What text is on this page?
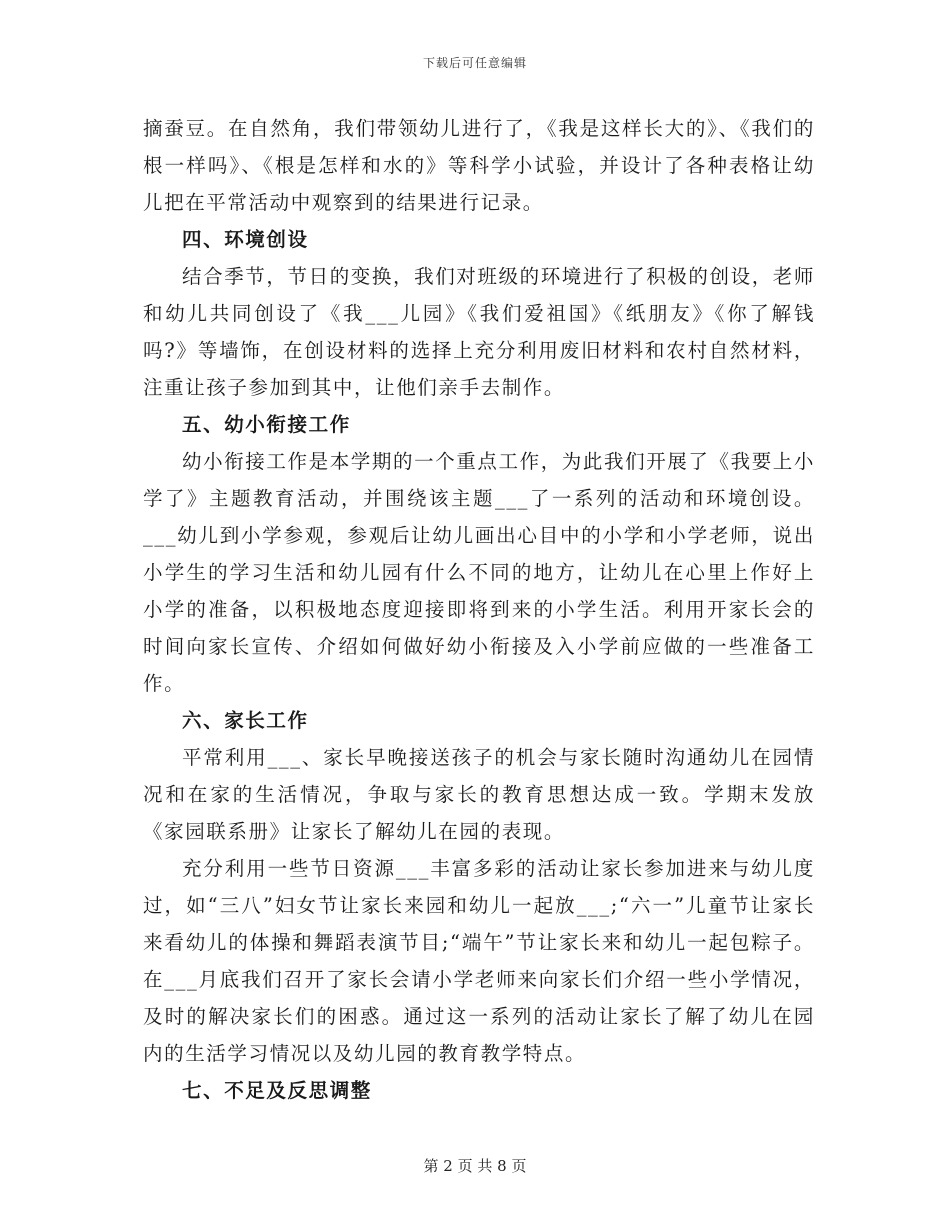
下载后可任意编辑

摘蚕豆。在自然角，我们带领幼儿进行了，《我是这样长大的》、《我们的根一样吗》、《根是怎样和水的》等科学小试验，并设计了各种表格让幼儿把在平常活动中观察到的结果进行记录。

四、环境创设

结合季节，节日的变换，我们对班级的环境进行了积极的创设，老师和幼儿共同创设了《我___儿园》《我们爱祖国》《纸朋友》《你了解钱吗?》等墙饰，在创设材料的选择上充分利用废旧材料和农村自然材料，注重让孩子参加到其中，让他们亲手去制作。

五、幼小衔接工作

幼小衔接工作是本学期的一个重点工作，为此我们开展了《我要上小学了》主题教育活动，并围绕该主题___了一系列的活动和环境创设。___幼儿到小学参观，参观后让幼儿画出心目中的小学和小学老师，说出小学生的学习生活和幼儿园有什么不同的地方，让幼儿在心里上作好上小学的准备，以积极地态度迎接即将到来的小学生活。利用开家长会的时间向家长宣传、介绍如何做好幼小衔接及入小学前应做的一些准备工作。

六、家长工作

平常利用___、家长早晚接送孩子的机会与家长随时沟通幼儿在园情况和在家的生活情况，争取与家长的教育思想达成一致。学期末发放《家园联系册》让家长了解幼儿在园的表现。

充分利用一些节日资源___丰富多彩的活动让家长参加进来与幼儿度过，如“三八”妇女节让家长来园和幼儿一起放___;“六一”儿童节让家长来看幼儿的体操和舞蹈表演节目;“端午”节让家长来和幼儿一起包粽子。在___月底我们召开了家长会请小学老师来向家长们介绍一些小学情况，及时的解决家长们的困惑。通过这一系列的活动让家长了解了幼儿在园内的生活学习情况以及幼儿园的教育教学特点。

七、不足及反思调整

第 2 页 共 8 页
